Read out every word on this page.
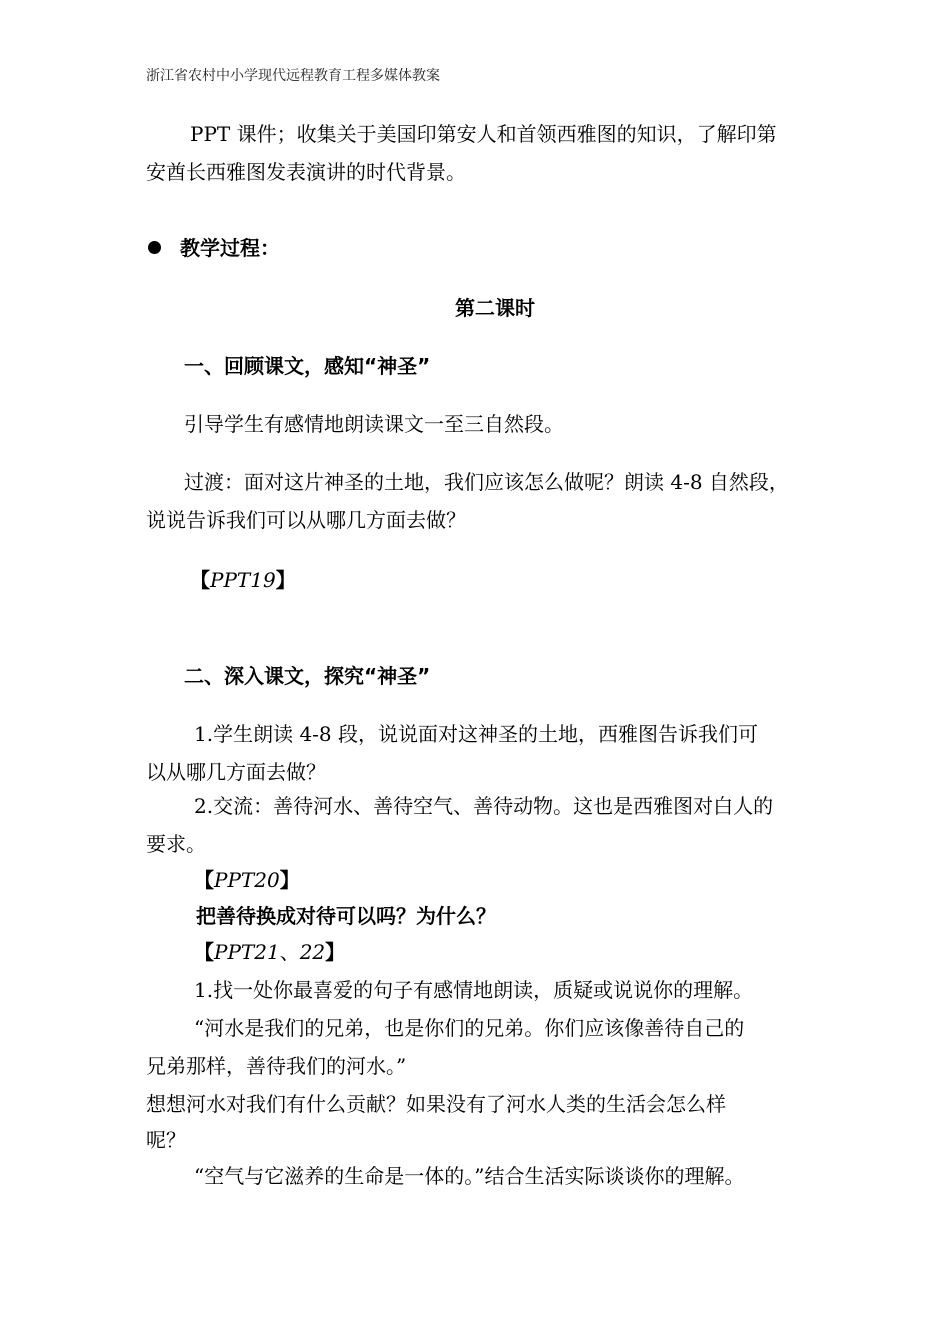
浙江省农村中小学现代远程教育工程多媒体教案
PPT 课件；收集关于美国印第安人和首领西雅图的知识，了解印第
安酋长西雅图发表演讲的时代背景。
教学过程：
第二课时
一、回顾课文，感知“神圣”
引导学生有感情地朗读课文一至三自然段。
过渡：面对这片神圣的土地，我们应该怎么做呢？朗读 4-8 自然段，
说说告诉我们可以从哪几方面去做？
【PPT19】
二、深入课文，探究“神圣”
1.学生朗读 4-8 段，说说面对这神圣的土地，西雅图告诉我们可
以从哪几方面去做？
2.交流：善待河水、善待空气、善待动物。这也是西雅图对白人的
要求。
【PPT20】
把善待换成对待可以吗？为什么？
【PPT21、22】
1.找一处你最喜爱的句子有感情地朗读，质疑或说说你的理解。
“河水是我们的兄弟，也是你们的兄弟。你们应该像善待自己的
兄弟那样，善待我们的河水。”
想想河水对我们有什么贡献？如果没有了河水人类的生活会怎么样
呢？
“空气与它滋养的生命是一体的。”结合生活实际谈谈你的理解。
